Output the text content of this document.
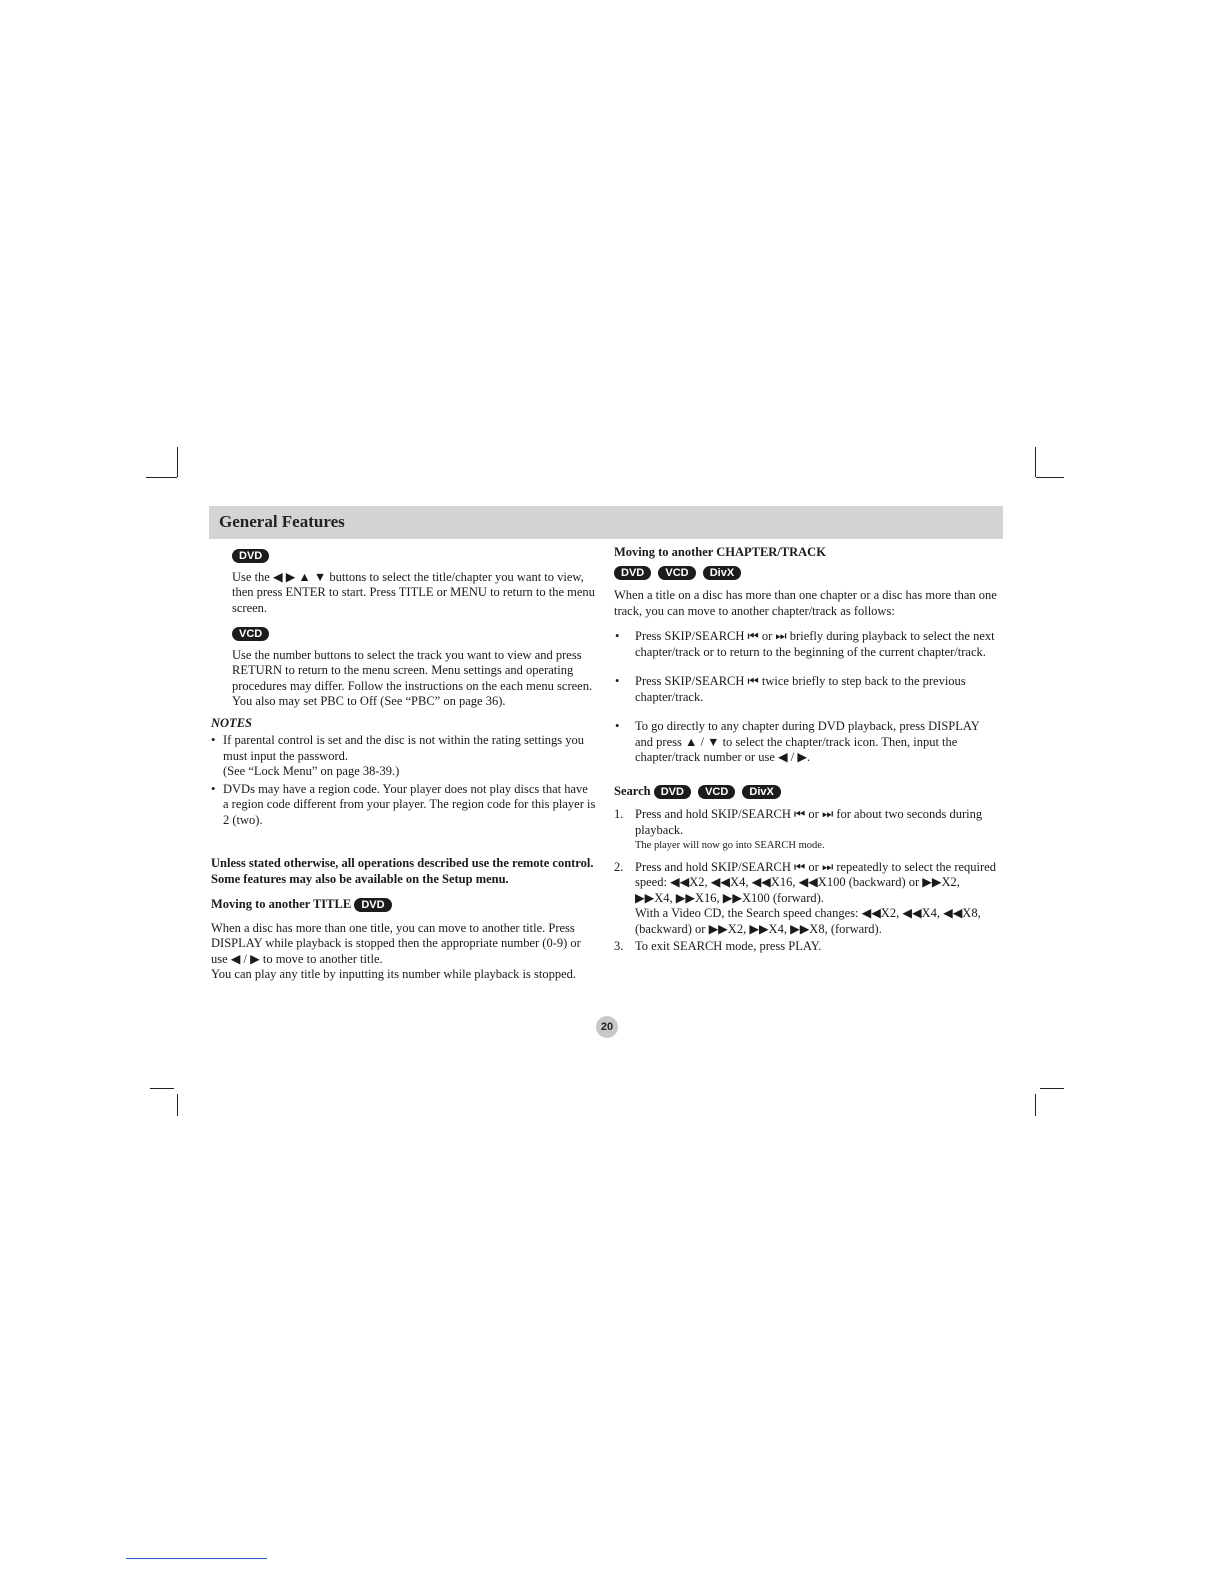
General Features
DVD

Use the ◀ ▶ ▲ ▼ buttons to select the title/chapter you want to view, then press ENTER to start. Press TITLE or MENU to return to the menu screen.

VCD

Use the number buttons to select the track you want to view and press RETURN to return to the menu screen. Menu settings and operating procedures may differ. Follow the instructions on the each menu screen. You also may set PBC to Off (See “PBC” on page 36).

NOTES

• If parental control is set and the disc is not within the rating settings you must input the password.

(See “Lock Menu” on page 38-39.)

• DVDs may have a region code. Your player does not play discs that have a region code different from your player. The region code for this player is 2 (two).

Unless stated otherwise, all operations described use the remote control. Some features may also be available on the Setup menu.

Moving to another TITLE DVD

When a disc has more than one title, you can move to another title. Press DISPLAY while playback is stopped then the appropriate number (0-9) or use ◀ / ▶ to move to another title.

You can play any title by inputting its number while playback is stopped.

Moving to another CHAPTER/TRACK

DVD VCD DivX

When a title on a disc has more than one chapter or a disc has more than one track, you can move to another chapter/track as follows:

• Press SKIP/SEARCH ⏮ or ⏭ briefly during playback to select the next chapter/track or to return to the beginning of the current chapter/track.

• Press SKIP/SEARCH ⏮ twice briefly to step back to the previous chapter/track.

• To go directly to any chapter during DVD playback, press DISPLAY and press ▲ / ▼ to select the chapter/track icon. Then, input the chapter/track number or use ◀ / ▶.

Search DVD VCD DivX

1. Press and hold SKIP/SEARCH ⏮ or ⏭ for about two seconds during playback.

The player will now go into SEARCH mode.

2. Press and hold SKIP/SEARCH ⏮ or ⏭ repeatedly to select the required speed: ◀◀X2, ◀◀X4, ◀◀X16, ◀◀X100 (backward) or ▶▶X2, ▶▶X4, ▶▶X16, ▶▶X100 (forward).

With a Video CD, the Search speed changes: ◀◀X2, ◀◀X4, ◀◀X8, (backward) or ▶▶X2, ▶▶X4, ▶▶X8, (forward).

3. To exit SEARCH mode, press PLAY.

20
